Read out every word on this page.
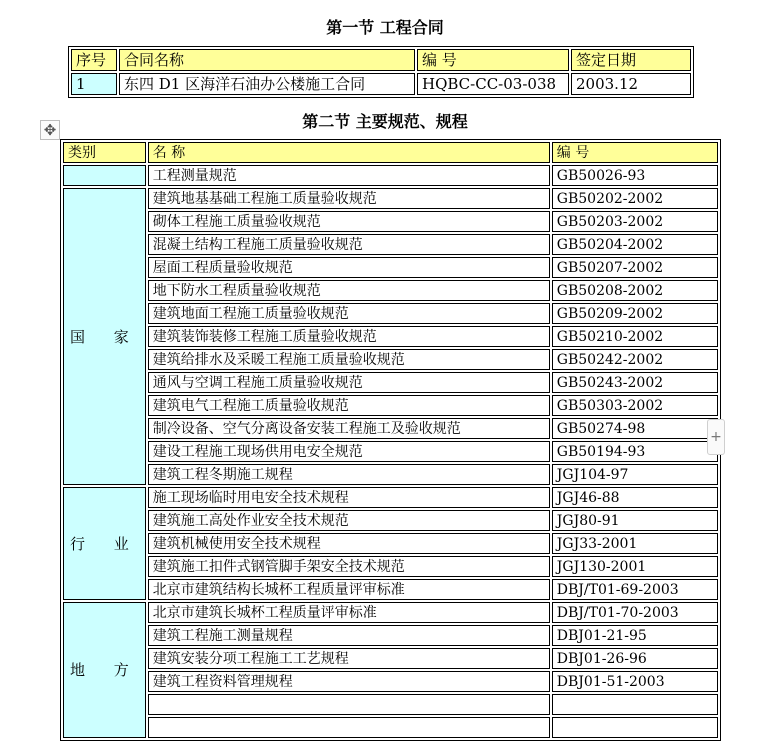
第一节 工程合同
序号	合同名称	编 号	签定日期
1	东四 D1 区海洋石油办公楼施工合同	HQBC-CC-03-038	2003.12
✥	第二节 主要规范、规程
类别	名 称	编 号
	工程测量规范	GB50026-93
国 家	建筑地基基础工程施工质量验收规范	GB50202-2002
	砌体工程施工质量验收规范	GB50203-2002
	混凝土结构工程施工质量验收规范	GB50204-2002
	屋面工程质量验收规范	GB50207-2002
	地下防水工程质量验收规范	GB50208-2002
	建筑地面工程施工质量验收规范	GB50209-2002
	建筑装饰装修工程施工质量验收规范	GB50210-2002
	建筑给排水及采暖工程施工质量验收规范	GB50242-2002
	通风与空调工程施工质量验收规范	GB50243-2002
	建筑电气工程施工质量验收规范	GB50303-2002
	制冷设备、空气分离设备安装工程施工及验收规范	GB50274-98
	建设工程施工现场供用电安全规范	GB50194-93
	建筑工程冬期施工规程	JGJ104-97
行 业	施工现场临时用电安全技术规程	JGJ46-88
	建筑施工高处作业安全技术规范	JGJ80-91
	建筑机械使用安全技术规程	JGJ33-2001
	建筑施工扣件式钢管脚手架安全技术规范	JGJ130-2001
	北京市建筑结构长城杯工程质量评审标准	DBJ/T01-69-2003
地 方	北京市建筑长城杯工程质量评审标准	DBJ/T01-70-2003
	建筑工程施工测量规程	DBJ01-21-95
	建筑安装分项工程施工工艺规程	DBJ01-26-96
	建筑工程资料管理规程	DBJ01-51-2003

+
